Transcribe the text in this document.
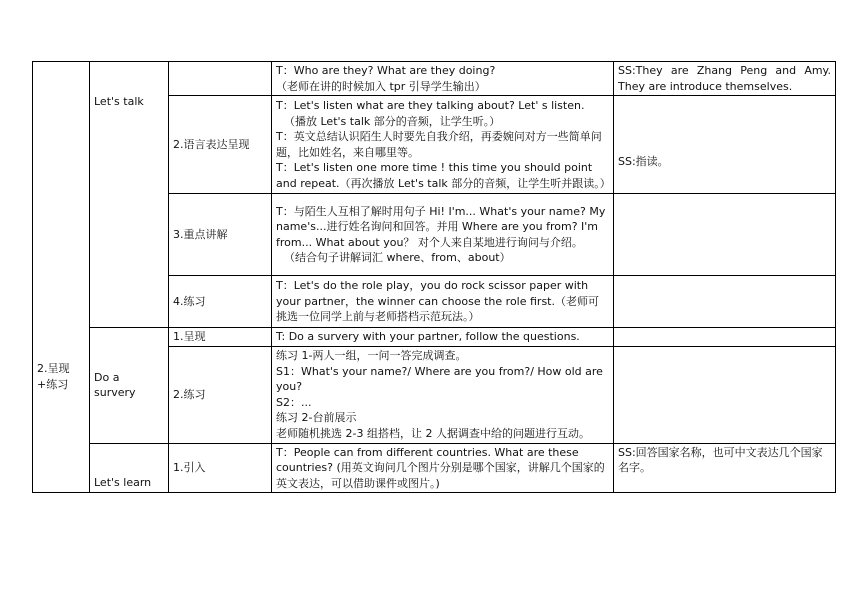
2.呈现+练习	Let's talk		T：Who are they? What are they doing?
（老师在讲的时候加入 tpr 引导学生输出）	SS:They are Zhang Peng and Amy. They are introduce themselves.
		2.语言表达呈现	T：Let's listen what are they talking about? Let' s listen.
（播放 Let's talk 部分的音频，让学生听。）
T：英文总结认识陌生人时要先自我介绍，再委婉问对方一些简单问题，比如姓名，来自哪里等。
T：Let's listen one more time ! this time you should point and repeat.（再次播放 Let's talk 部分的音频，让学生听并跟读。）	SS:指读。
		3.重点讲解	T：与陌生人互相了解时用句子 Hi! I'm... What's your name? My name's...进行姓名询问和回答。并用 Where are you from? I'm from... What about you？ 对个人来自某地进行询问与介绍。
（结合句子讲解词汇 where、from、about）	

		4.练习	T：Let's do the role play，you do rock scissor paper with your partner，the winner can choose the role first.（老师可挑选一位同学上前与老师搭档示范玩法。）	

	Do a survery	1.呈现	T: Do a survery with your partner, follow the questions.	

		2.练习	练习 1-两人一组，一问一答完成调查。
S1：What's your name?/ Where are you from?/ How old are you?
S2：...
练习 2-台前展示
老师随机挑选 2-3 组搭档，让 2 人据调查中给的问题进行互动。	

	Let's learn	1.引入	T：People can from different countries. What are these countries? (用英文询问几个图片分别是哪个国家，讲解几个国家的英文表达，可以借助课件或图片。)	SS:回答国家名称，也可中文表达几个国家名字。
